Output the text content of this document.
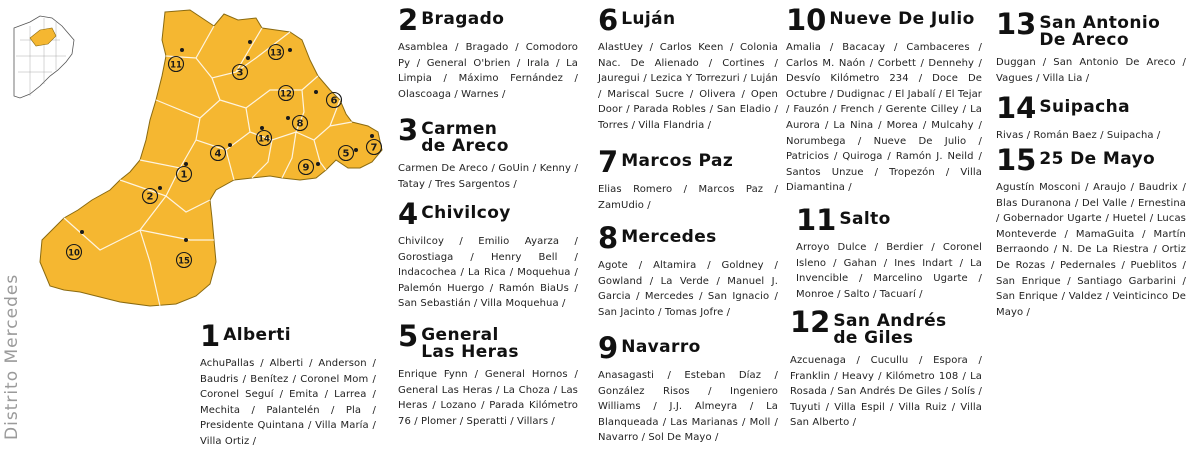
Distrito Mercedes
1
2
3
4	5
6
7
8
9
10
11
12
13
14
15
1 Alberti
AchuPallas / Alberti / Anderson / Baudris / Benítez / Coronel Mom / Coronel Seguí / Emita / Larrea / Mechita / Palantelén / Pla / Presidente Quintana / Villa María / Villa Ortiz /
2 Bragado
Asamblea / Bragado / Comodoro Py / General O'brien / Irala / La Limpia / Máximo Fernández / Olascoaga / Warnes /
3 Carmen
de Areco
Carmen De Areco / GoUin / Kenny / Tatay / Tres Sargentos /
4 Chivilcoy
Chivilcoy / Emilio Ayarza / Gorostiaga / Henry Bell / Indacochea / La Rica / Moquehua / Palemón Huergo / Ramón BiaUs / San Sebastián / Villa Moquehua /
5 General
Las Heras
Enrique Fynn / General Hornos / General Las Heras / La Choza / Las Heras / Lozano / Parada Kilómetro 76 / Plomer / Speratti / Villars /
6 Luján
AlastUey / Carlos Keen / Colonia Nac. De Alienado / Cortines / Jauregui / Lezica Y Torrezuri / Luján / Mariscal Sucre / Olivera / Open Door / Parada Robles / San Eladio / Torres / Villa Flandria /
7 Marcos Paz
Elias Romero / Marcos Paz / ZamUdio /
8 Mercedes
Agote / Altamira / Goldney / Gowland / La Verde / Manuel J. Garcia / Mercedes / San Ignacio / San Jacinto / Tomas Jofre /
9 Navarro
Anasagasti / Esteban Díaz / González Risos / Ingeniero Williams / J.J. Almeyra / La Blanqueada / Las Marianas / Moll / Navarro / Sol De Mayo /
10 Nueve De Julio
Amalia / Bacacay / Cambaceres / Carlos M. Naón / Corbett / Dennehy / Desvío Kilómetro 234 / Doce De Octubre / Dudignac / El Jabalí / El Tejar / Fauzón / French / Gerente Cilley / La Aurora / La Nina / Morea / Mulcahy / Norumbega / Nueve De Julio / Patricios / Quiroga / Ramón J. Neild / Santos Unzue / Tropezón / Villa Diamantina /
11 Salto
Arroyo Dulce / Berdier / Coronel Isleno / Gahan / Ines Indart / La Invencible / Marcelino Ugarte / Monroe / Salto / Tacuarí /
12 San Andrés
de Giles
Azcuenaga / Cucullu / Espora / Franklin / Heavy / Kilómetro 108 / La Rosada / San Andrés De Giles / Solís / Tuyuti / Villa Espil / Villa Ruiz / Villa San Alberto /
13 San Antonio
De Areco
Duggan / San Antonio De Areco / Vagues / Villa Lia /
14 Suipacha
Rivas / Román Baez / Suipacha /
15 25 De Mayo
Agustín Mosconi / Araujo / Baudrix / Blas Duranona / Del Valle / Ernestina / Gobernador Ugarte / Huetel / Lucas Monteverde / MamaGuita / Martín Berraondo / N. De La Riestra / Ortiz De Rozas / Pedernales / Pueblitos / San Enrique / Santiago Garbarini / San Enrique / Valdez / Veinticinco De Mayo /
